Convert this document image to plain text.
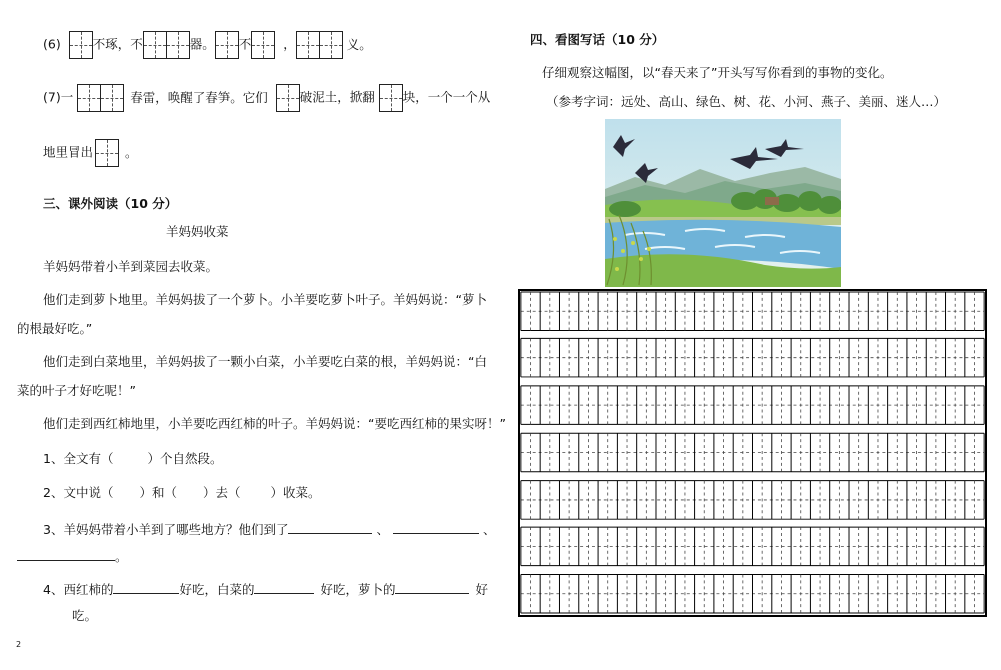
(6)	不琢，不	器。 不	，	义。
(7)一	春雷，唤醒了春笋。它们	破泥土，掀翻 块，一个一个从
地里冒出	。
三、课外阅读（10 分）
羊妈妈收菜
羊妈妈带着小羊到菜园去收菜。
他们走到萝卜地里。羊妈妈拔了一个萝卜。小羊要吃萝卜叶子。羊妈妈说：“萝卜
的根最好吃。”
他们走到白菜地里，羊妈妈拔了一颗小白菜，小羊要吃白菜的根，羊妈妈说：“白
菜的叶子才好吃呢！”
他们走到西红柿地里，小羊要吃西红柿的叶子。羊妈妈说：“要吃西红柿的果实呀！”
1、全文有（	）个自然段。
2、文中说（ ）和（ ）去（ ）收菜。
3、羊妈妈带着小羊到了哪些地方？他们到了	、	、
。
4、西红柿的	好吃，白菜的	好吃，萝卜的	好
吃。
2
四、看图写话（10 分）
仔细观察这幅图，以“春天来了”开头写写你看到的事物的变化。
（参考字词：远处、高山、绿色、树、花、小河、燕子、美丽、迷人…）
